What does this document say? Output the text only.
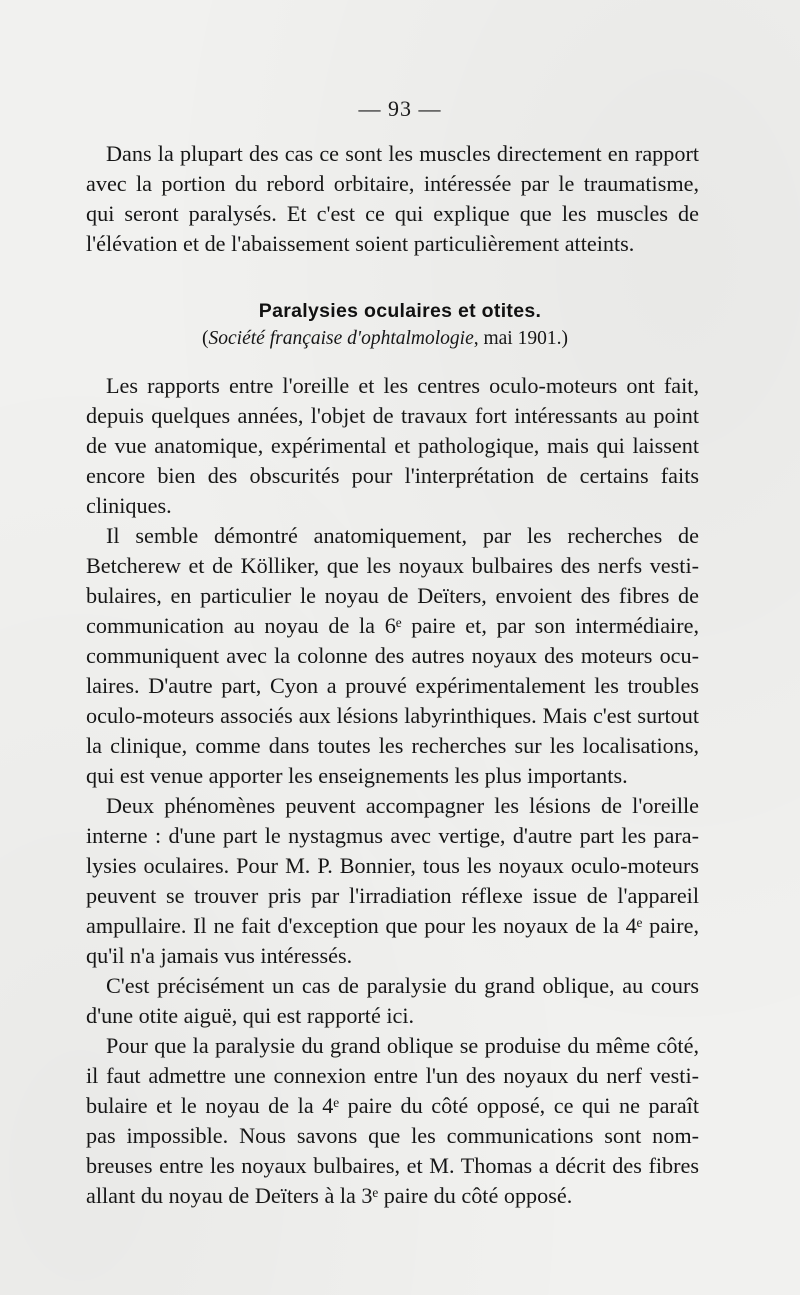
— 93 —
Dans la plupart des cas ce sont les muscles directement en rapport
avec la portion du rebord orbitaire, intéressée par le traumatisme,
qui seront paralysés. Et c'est ce qui explique que les muscles de
l'élévation et de l'abaissement soient particulièrement atteints.
Paralysies oculaires et otites.
(Société française d'ophtalmologie, mai 1901.)
Les rapports entre l'oreille et les centres oculo-moteurs ont fait,
depuis quelques années, l'objet de travaux fort intéressants au point
de vue anatomique, expérimental et pathologique, mais qui laissent
encore bien des obscurités pour l'interprétation de certains faits
cliniques.
Il semble démontré anatomiquement, par les recherches de
Betcherew et de Kölliker, que les noyaux bulbaires des nerfs vesti-
bulaires, en particulier le noyau de Deïters, envoient des fibres de
communication au noyau de la 6ᵉ paire et, par son intermédiaire,
communiquent avec la colonne des autres noyaux des moteurs ocu-
laires. D'autre part, Cyon a prouvé expérimentalement les troubles
oculo-moteurs associés aux lésions labyrinthiques. Mais c'est surtout
la clinique, comme dans toutes les recherches sur les localisations,
qui est venue apporter les enseignements les plus importants.
Deux phénomènes peuvent accompagner les lésions de l'oreille
interne : d'une part le nystagmus avec vertige, d'autre part les para-
lysies oculaires. Pour M. P. Bonnier, tous les noyaux oculo-moteurs
peuvent se trouver pris par l'irradiation réflexe issue de l'appareil
ampullaire. Il ne fait d'exception que pour les noyaux de la 4ᵉ paire,
qu'il n'a jamais vus intéressés.
C'est précisément un cas de paralysie du grand oblique, au cours
d'une otite aiguë, qui est rapporté ici.
Pour que la paralysie du grand oblique se produise du même côté,
il faut admettre une connexion entre l'un des noyaux du nerf vesti-
bulaire et le noyau de la 4ᵉ paire du côté opposé, ce qui ne paraît
pas impossible. Nous savons que les communications sont nom-
breuses entre les noyaux bulbaires, et M. Thomas a décrit des fibres
allant du noyau de Deïters à la 3ᵉ paire du côté opposé.
